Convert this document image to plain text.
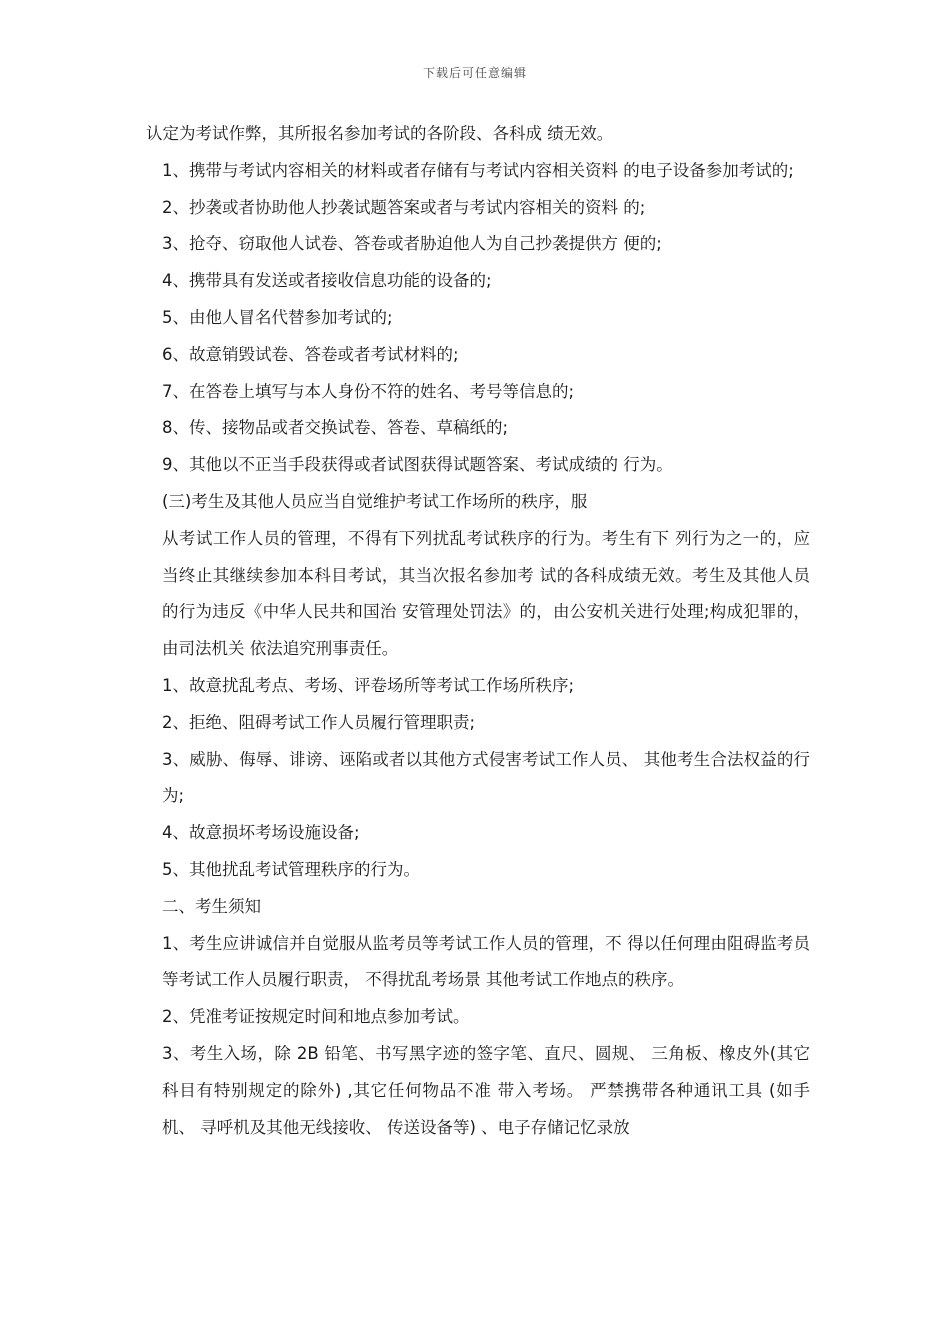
下载后可任意编辑

认定为考试作弊，其所报名参加考试的各阶段、各科成 绩无效。

1、携带与考试内容相关的材料或者存储有与考试内容相关资料 的电子设备参加考试的;

2、抄袭或者协助他人抄袭试题答案或者与考试内容相关的资料 的;

3、抢夺、窃取他人试卷、答卷或者胁迫他人为自己抄袭提供方 便的;

4、携带具有发送或者接收信息功能的设备的;

5、由他人冒名代替参加考试的;

6、故意销毁试卷、答卷或者考试材料的;

7、在答卷上填写与本人身份不符的姓名、考号等信息的;

8、传、接物品或者交换试卷、答卷、草稿纸的;

9、其他以不正当手段获得或者试图获得试题答案、考试成绩的 行为。

(三)考生及其他人员应当自觉维护考试工作场所的秩序，服

从考试工作人员的管理，不得有下列扰乱考试秩序的行为。考生有下 列行为之一的，应当终止其继续参加本科目考试，其当次报名参加考 试的各科成绩无效。考生及其他人员的行为违反《中华人民共和国治 安管理处罚法》的，由公安机关进行处理;构成犯罪的，由司法机关 依法追究刑事责任。

1、故意扰乱考点、考场、评卷场所等考试工作场所秩序;

2、拒绝、阻碍考试工作人员履行管理职责;

3、威胁、侮辱、诽谤、诬陷或者以其他方式侵害考试工作人员、 其他考生合法权益的行为;

4、故意损坏考场设施设备;

5、其他扰乱考试管理秩序的行为。

二、考生须知

1、考生应讲诚信并自觉服从监考员等考试工作人员的管理，不 得以任何理由阻碍监考员等考试工作人员履行职责， 不得扰乱考场景 其他考试工作地点的秩序。

2、凭准考证按规定时间和地点参加考试。

3、考生入场，除 2B 铅笔、书写黑字迹的签字笔、直尺、圆规、 三角板、橡皮外(其它科目有特别规定的除外) ,其它任何物品不准 带入考场。 严禁携带各种通讯工具 (如手机、 寻呼机及其他无线接收、 传送设备等) 、电子存储记忆录放
